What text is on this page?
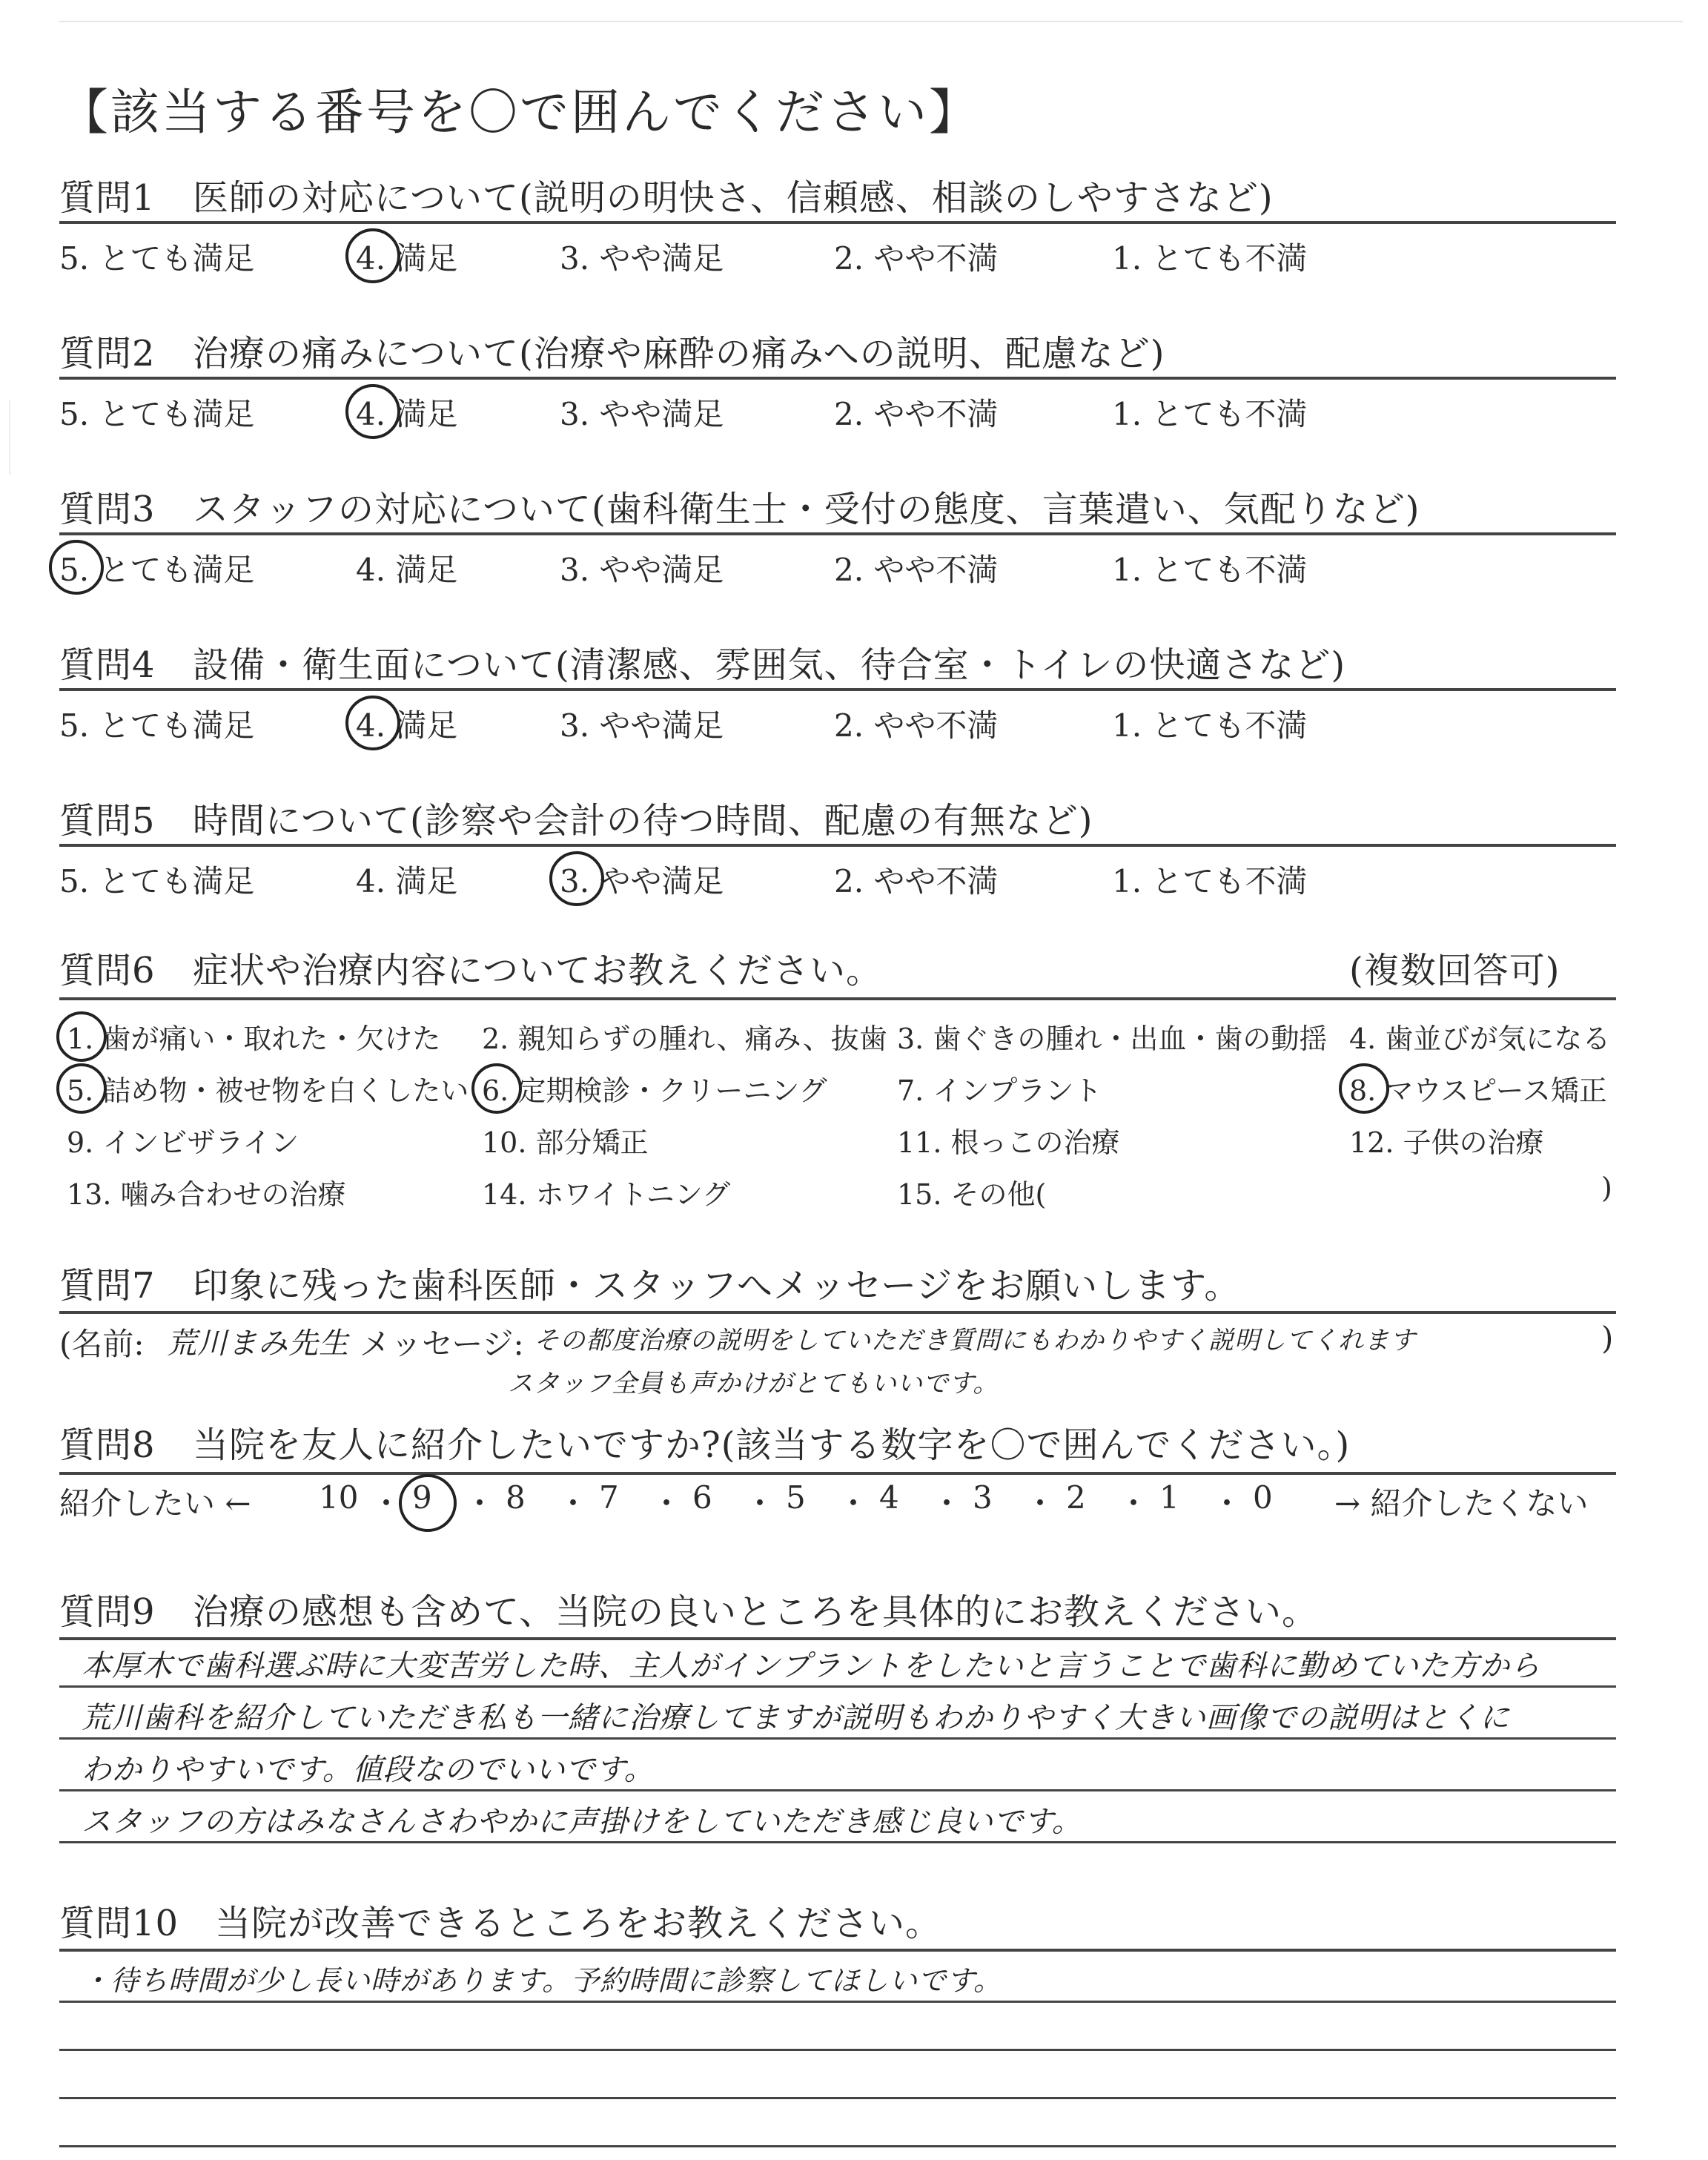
【該当する番号を〇で囲んでください】
質問1 医師の対応について(説明の明快さ、信頼感、相談のしやすさなど)
5. とても満足	4. 満足	3. やや満足	2. やや不満	1. とても不満
質問2 治療の痛みについて(治療や麻酔の痛みへの説明、配慮など)
5. とても満足	4. 満足	3. やや満足	2. やや不満	1. とても不満
質問3 スタッフの対応について(歯科衛生士・受付の態度、言葉遣い、気配りなど)
5. とても満足	4. 満足	3. やや満足	2. やや不満	1. とても不満
質問4 設備・衛生面について(清潔感、雰囲気、待合室・トイレの快適さなど)
5. とても満足	4. 満足	3. やや満足	2. やや不満	1. とても不満
質問5 時間について(診察や会計の待つ時間、配慮の有無など)
5. とても満足	4. 満足	3. やや満足	2. やや不満	1. とても不満
質問6 症状や治療内容についてお教えください。	(複数回答可)
1. 歯が痛い・取れた・欠けた 2. 親知らずの腫れ、痛み、抜歯 3. 歯ぐきの腫れ・出血・歯の動揺 4. 歯並びが気になる
5. 詰め物・被せ物を白くしたい 6. 定期検診・クリーニング 7. インプラント	8. マウスピース矯正
9. インビザライン	10. 部分矯正	11. 根っこの治療	12. 子供の治療
13. 噛み合わせの治療	14. ホワイトニング	15. その他(	)
質問7 印象に残った歯科医師・スタッフへメッセージをお願いします。
(名前: 荒川まみ先生 メッセージ: その都度治療の説明をしていただき質問にもわかりやすく説明してくれます
スタッフ全員も声かけがとてもいいです。
)
質問8 当院を友人に紹介したいですか?(該当する数字を〇で囲んでください。)
紹介したい ← 10 ・ 9 ・ 8 ・ 7 ・ 6 ・ 5 ・ 4 ・ 3 ・ 2 ・ 1 ・ 0 → 紹介したくない
質問9 治療の感想も含めて、当院の良いところを具体的にお教えください。
本厚木で歯科選ぶ時に大変苦労した時、主人がインプラントをしたいと言うことで歯科に勤めていた方から
荒川歯科を紹介していただき私も一緒に治療してますが説明もわかりやすく大きい画像での説明はとくに
わかりやすいです。値段なのでいいです。
スタッフの方はみなさんさわやかに声掛けをしていただき感じ良いです。
質問10 当院が改善できるところをお教えください。
・待ち時間が少し長い時があります。予約時間に診察してほしいです。
